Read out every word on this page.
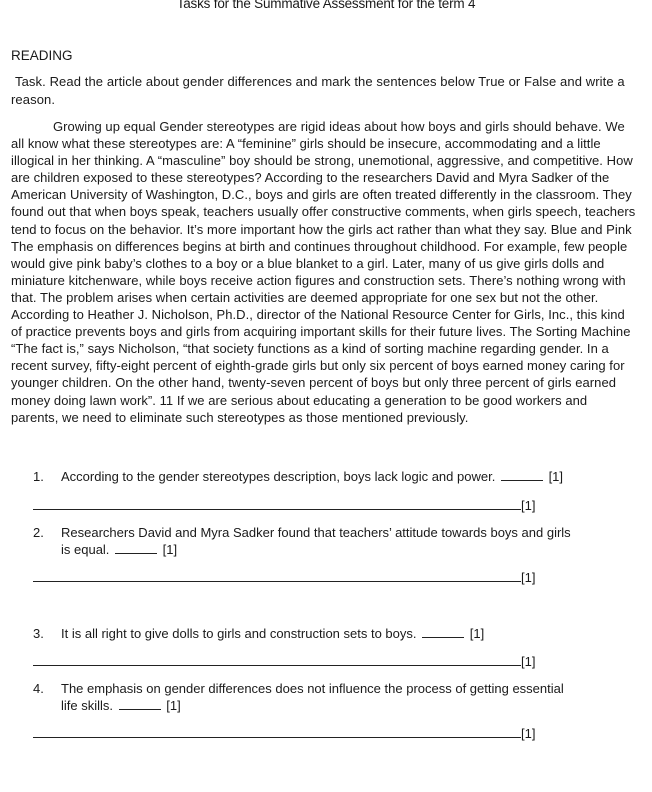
Tasks for the Summative Assessment for the term 4
READING
Task. Read the article about gender differences and mark the sentences below True or False and write a reason.
Growing up equal Gender stereotypes are rigid ideas about how boys and girls should behave. We all know what these stereotypes are: A “feminine” girls should be insecure, accommodating and a little illogical in her thinking. A “masculine” boy should be strong, unemotional, aggressive, and competitive. How are children exposed to these stereotypes? According to the researchers David and Myra Sadker of the American University of Washington, D.C., boys and girls are often treated differently in the classroom. They found out that when boys speak, teachers usually offer constructive comments, when girls speech, teachers tend to focus on the behavior. It’s more important how the girls act rather than what they say. Blue and Pink The emphasis on differences begins at birth and continues throughout childhood. For example, few people would give pink baby’s clothes to a boy or a blue blanket to a girl. Later, many of us give girls dolls and miniature kitchenware, while boys receive action figures and construction sets. There’s nothing wrong with that. The problem arises when certain activities are deemed appropriate for one sex but not the other. According to Heather J. Nicholson, Ph.D., director of the National Resource Center for Girls, Inc., this kind of practice prevents boys and girls from acquiring important skills for their future lives. The Sorting Machine “The fact is,” says Nicholson, “that society functions as a kind of sorting machine regarding gender. In a recent survey, fifty-eight percent of eighth-grade girls but only six percent of boys earned money caring for younger children. On the other hand, twenty-seven percent of boys but only three percent of girls earned money doing lawn work”. 11 If we are serious about educating a generation to be good workers and parents, we need to eliminate such stereotypes as those mentioned previously.
1.	According to the gender stereotypes description, boys lack logic and power.	[1]
[1]
2.	Researchers David and Myra Sadker found that teachers’ attitude towards boys and girls
is equal.	[1]
[1]
3.	It is all right to give dolls to girls and construction sets to boys.	[1]
[1]
4.	The emphasis on gender differences does not influence the process of getting essential
life skills.	[1]
[1]
